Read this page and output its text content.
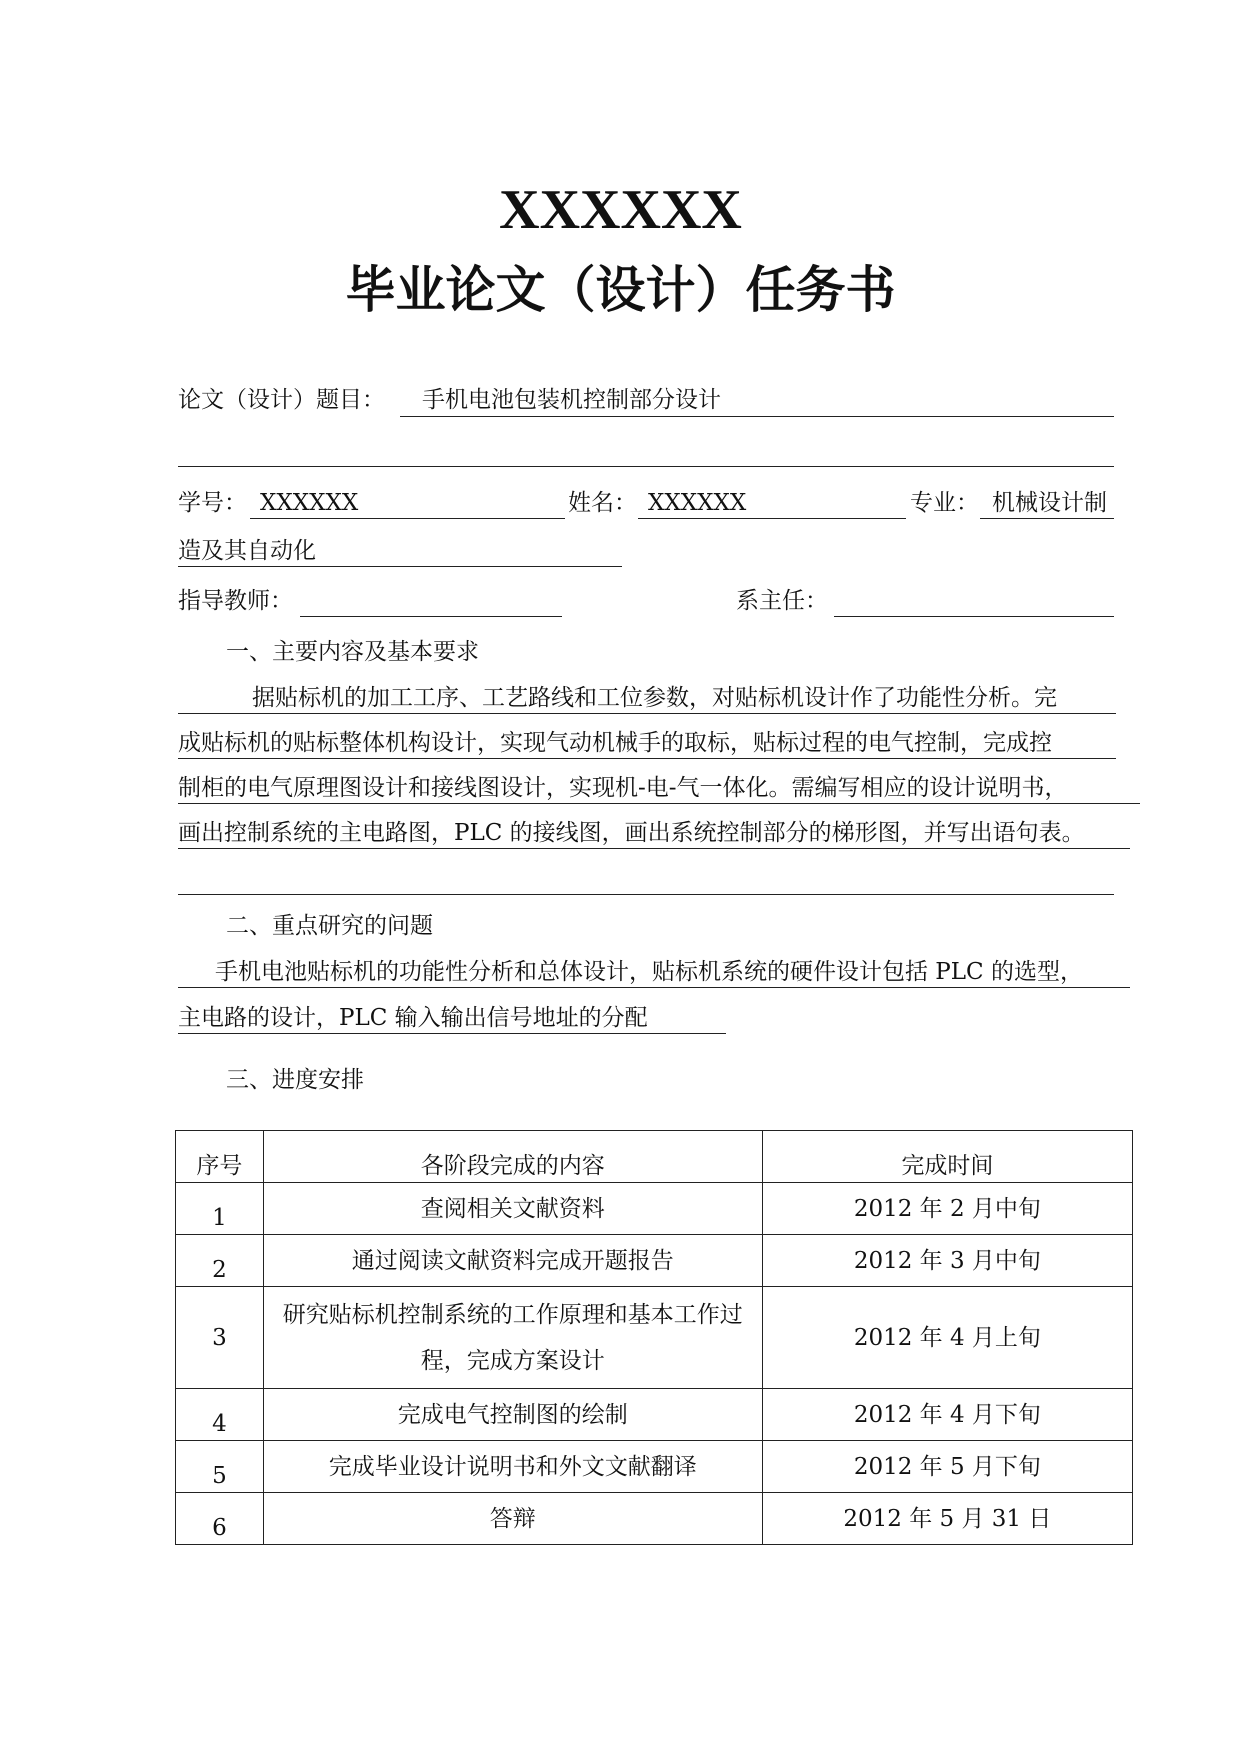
XXXXXX
毕业论文（设计）任务书
论文（设计）题目： 手机电池包装机控制部分设计
学号： XXXXXX	姓名： XXXXXX	专业： 机械设计制
造及其自动化
指导教师：	系主任：
一、主要内容及基本要求
据贴标机的加工工序、工艺路线和工位参数，对贴标机设计作了功能性分析。完
成贴标机的贴标整体机构设计，实现气动机械手的取标，贴标过程的电气控制，完成控
制柜的电气原理图设计和接线图设计，实现机-电-气一体化。需编写相应的设计说明书，
画出控制系统的主电路图，PLC 的接线图，画出系统控制部分的梯形图，并写出语句表。
二、重点研究的问题
手机电池贴标机的功能性分析和总体设计，贴标机系统的硬件设计包括 PLC 的选型，
主电路的设计，PLC 输入输出信号地址的分配
三、进度安排
序号	各阶段完成的内容	完成时间

1	查阅相关文献资料	2012 年 2 月中旬

2	通过阅读文献资料完成开题报告	2012 年 3 月中旬
3	研究贴标机控制系统的工作原理和基本工作过
程，完成方案设计	2012 年 4 月上旬

4	完成电气控制图的绘制	2012 年 4 月下旬

5	完成毕业设计说明书和外文文献翻译	2012 年 5 月下旬

6	答辩	2012 年 5 月 31 日
